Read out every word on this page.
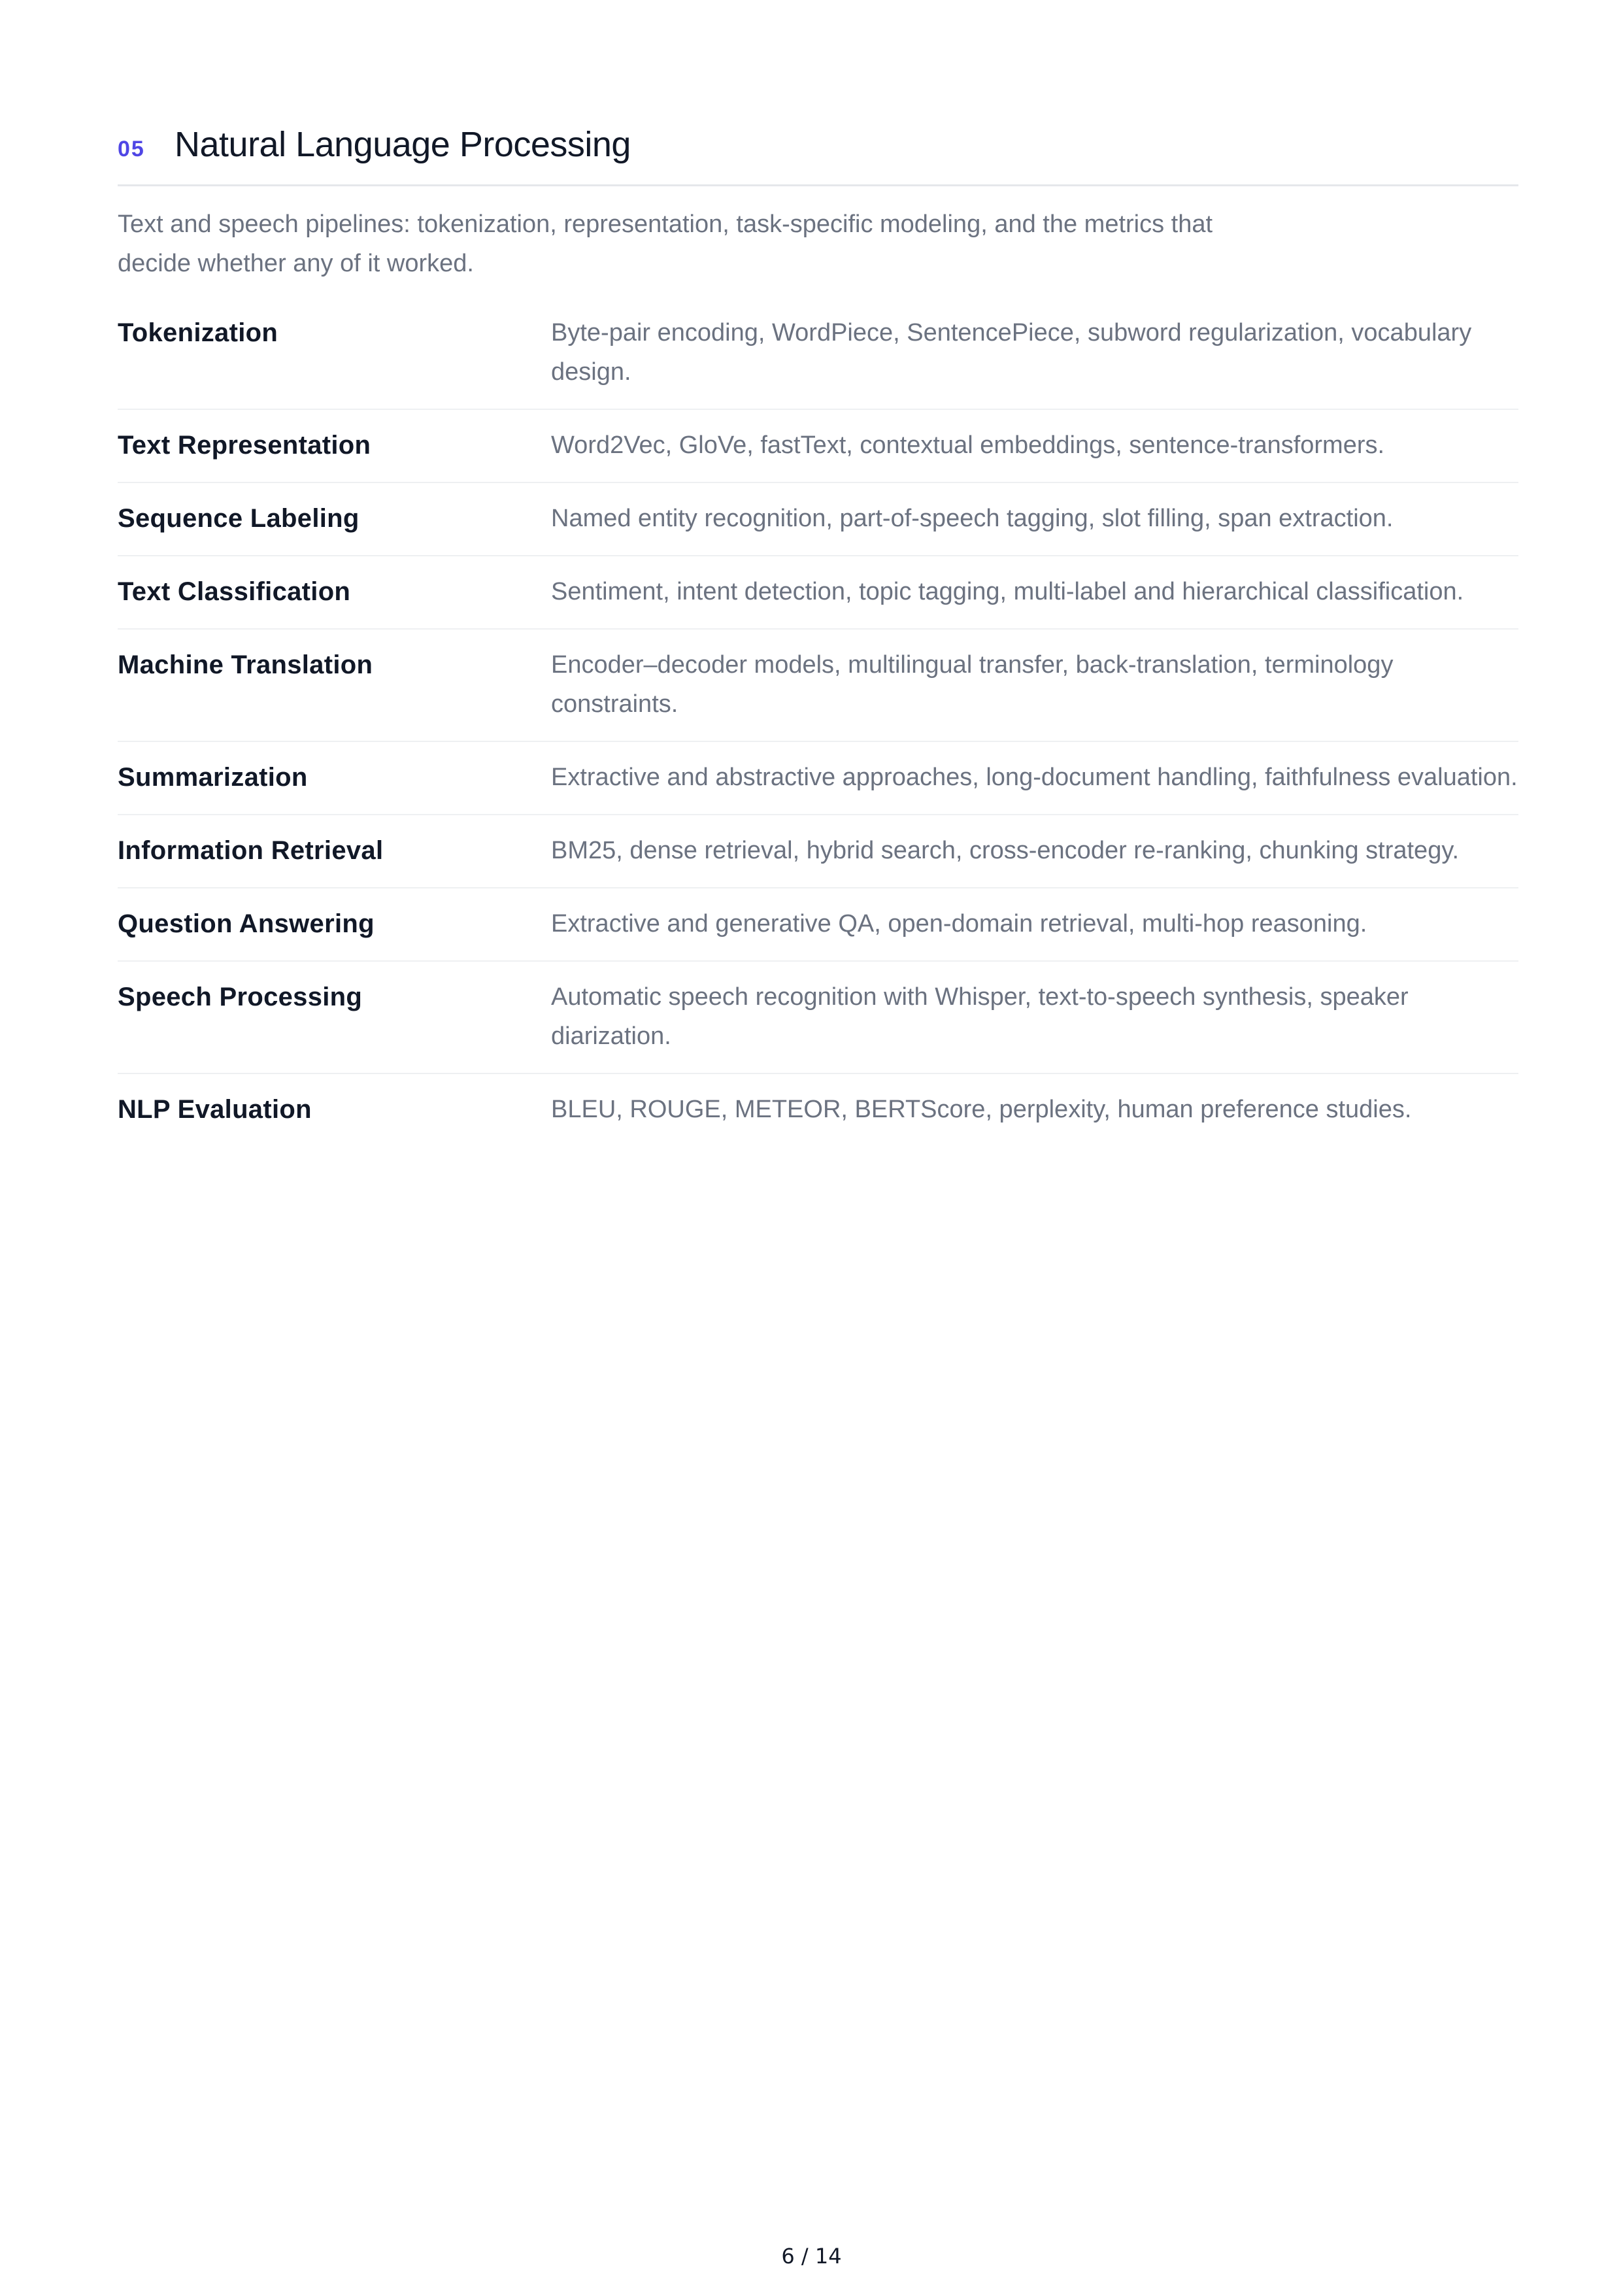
05 Natural Language Processing

Text and speech pipelines: tokenization, representation, task-specific modeling, and the metrics that decide whether any of it worked.

Tokenization	Byte-pair encoding, WordPiece, SentencePiece, subword regularization, vocabulary design.
Text Representation	Word2Vec, GloVe, fastText, contextual embeddings, sentence-transformers.
Sequence Labeling	Named entity recognition, part-of-speech tagging, slot filling, span extraction.
Text Classification	Sentiment, intent detection, topic tagging, multi-label and hierarchical classification.
Machine Translation	Encoder–decoder models, multilingual transfer, back-translation, terminology constraints.
Summarization	Extractive and abstractive approaches, long-document handling, faithfulness evaluation.
Information Retrieval	BM25, dense retrieval, hybrid search, cross-encoder re-ranking, chunking strategy.
Question Answering	Extractive and generative QA, open-domain retrieval, multi-hop reasoning.
Speech Processing	Automatic speech recognition with Whisper, text-to-speech synthesis, speaker diarization.
NLP Evaluation	BLEU, ROUGE, METEOR, BERTScore, perplexity, human preference studies.
6 / 14
